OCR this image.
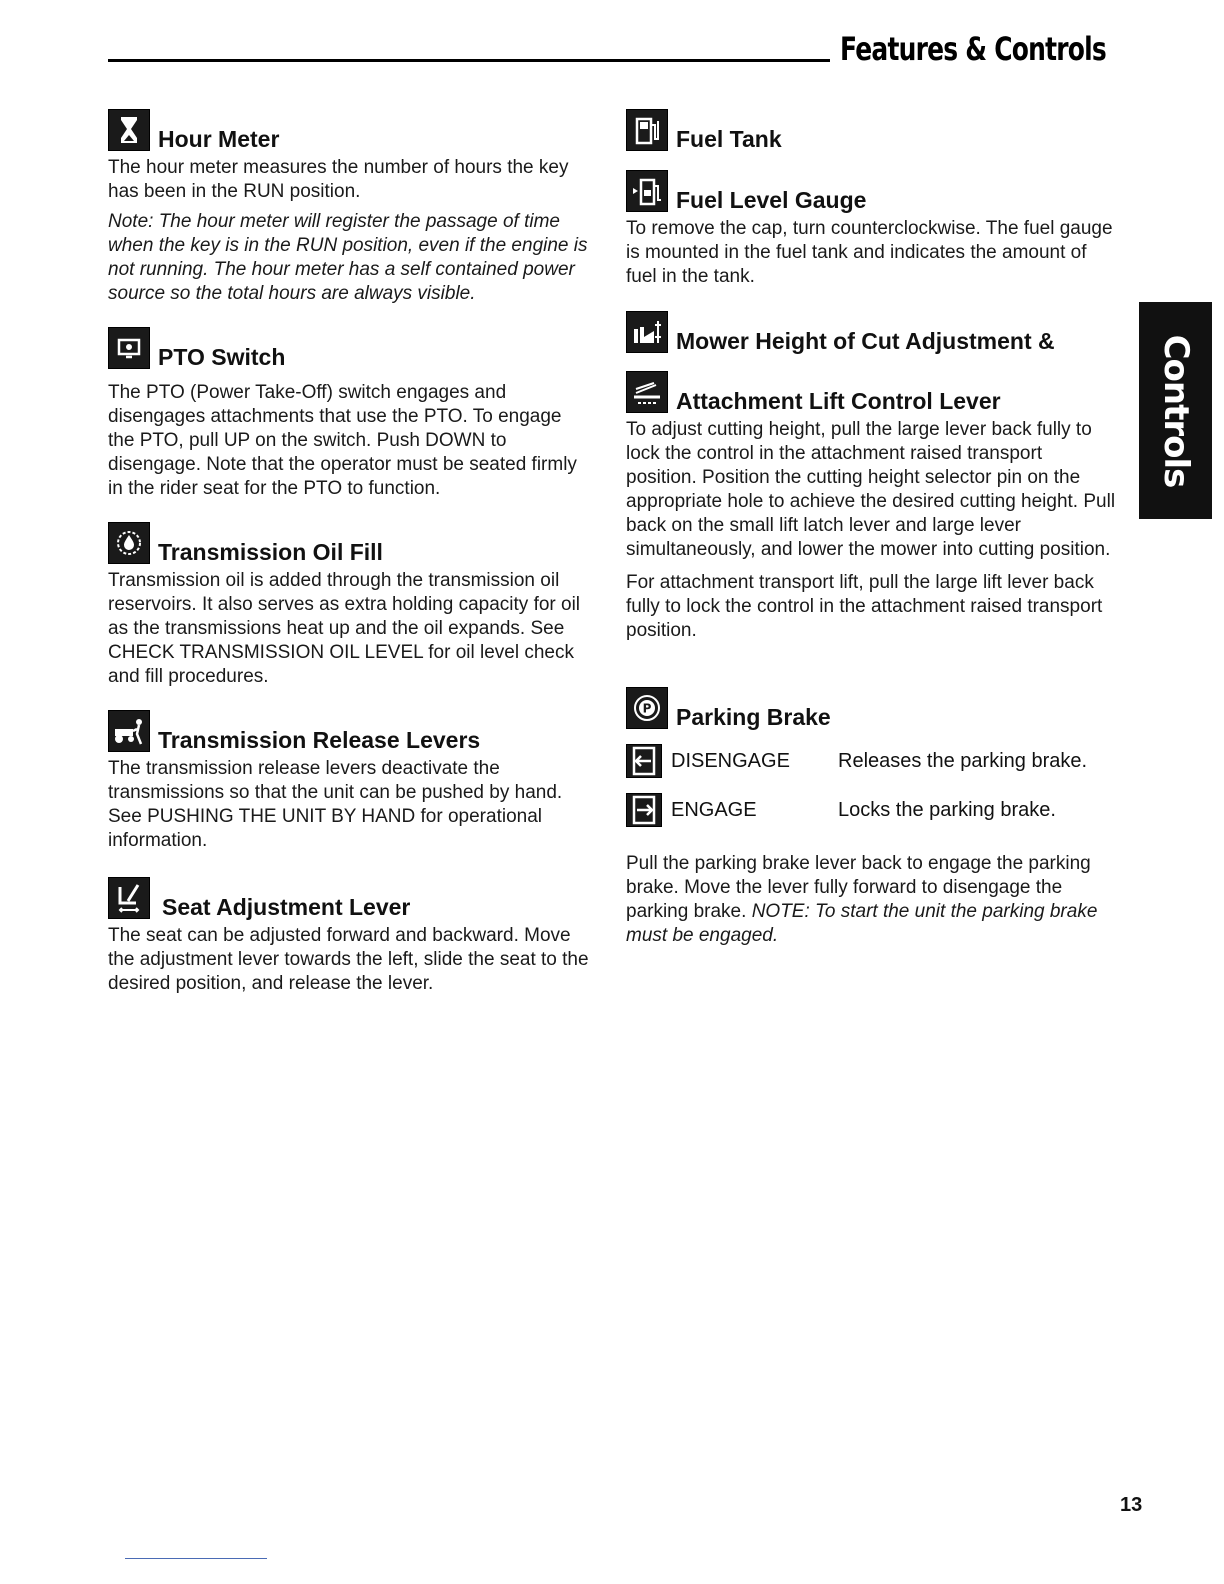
Features & Controls
Controls
Hour Meter

The hour meter measures the number of hours the key has been in the RUN position.

Note: The hour meter will register the passage of time when the key is in the RUN position, even if the engine is not running. The hour meter has a self contained power source so the total hours are always visible.

PTO Switch

The PTO (Power Take-Off) switch engages and disengages attachments that use the PTO. To engage the PTO, pull UP on the switch. Push DOWN to disengage. Note that the operator must be seated firmly in the rider seat for the PTO to function.

Transmission Oil Fill

Transmission oil is added through the transmission oil reservoirs. It also serves as extra holding capacity for oil as the transmissions heat up and the oil expands. See CHECK TRANSMISSION OIL LEVEL for oil level check and fill procedures.

Transmission Release Levers

The transmission release levers deactivate the transmissions so that the unit can be pushed by hand. See PUSHING THE UNIT BY HAND for operational information.

Seat Adjustment Lever

The seat can be adjusted forward and backward. Move the adjustment lever towards the left, slide the seat to the desired position, and release the lever.

Fuel Tank
Fuel Level Gauge

To remove the cap, turn counterclockwise. The fuel gauge is mounted in the fuel tank and indicates the amount of fuel in the tank.

Mower Height of Cut Adjustment &
Attachment Lift Control Lever

To adjust cutting height, pull the large lever back fully to lock the control in the attachment raised transport position. Position the cutting height selector pin on the appropriate hole to achieve the desired cutting height. Pull back on the small lift latch lever and large lever simultaneously, and lower the mower into cutting position.

For attachment transport lift, pull the large lift lever back fully to lock the control in the attachment raised transport position.

P Parking Brake
DISENGAGE	Releases the parking brake.
ENGAGE	Locks the parking brake.

Pull the parking brake lever back to engage the parking brake. Move the lever fully forward to disengage the parking brake. NOTE: To start the unit the parking brake must be engaged.

13
